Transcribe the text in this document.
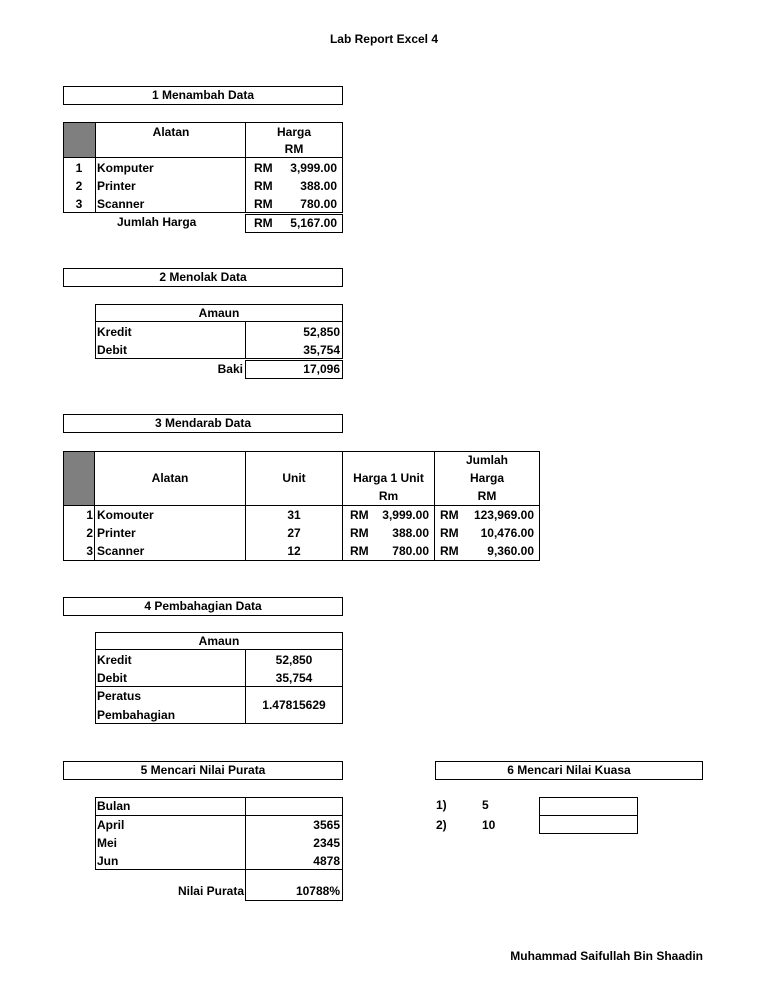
Lab Report Excel 4
1 Menambah Data
Alatan	Harga
RM
1	Komputer	RM	3,999.00
2	Printer	RM	388.00
3	Scanner	RM	780.00
Jumlah Harga	RM	5,167.00
2 Menolak Data
Amaun
Kredit	52,850
Debit	35,754
Baki	17,096
3 Mendarab Data
Alatan	Unit	Harga 1 Unit
Rm
Jumlah
Harga
RM
1 Komouter	31	RM	3,999.00 RM	123,969.00
2 Printer	27	RM	388.00 RM	10,476.00
3 Scanner	12	RM	780.00 RM	9,360.00
4 Pembahagian Data
Amaun
Kredit	52,850
Debit	35,754
Peratus
Pembahagian
1.47815629
5 Mencari Nilai Purata
Bulan
April	3565
Mei	2345
Jun	4878
Nilai Purata	10788%
6 Mencari Nilai Kuasa
1)	5
2)	10
Muhammad Saifullah Bin Shaadin
